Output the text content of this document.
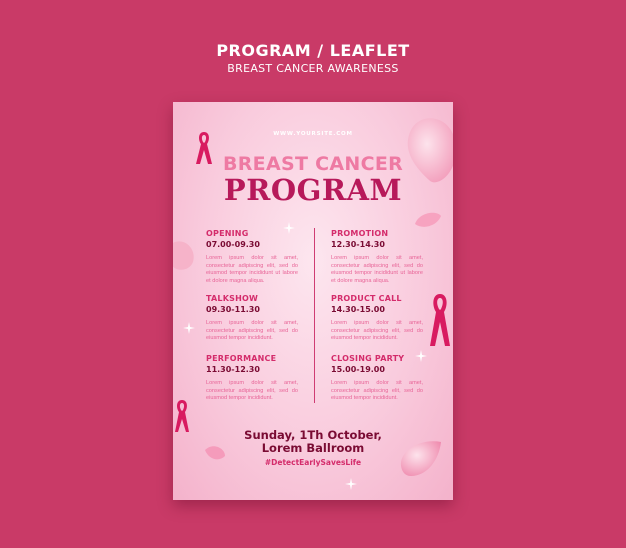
PROGRAM / LEAFLET
BREAST CANCER AWARENESS
WWW.YOURSITE.COM
BREAST CANCER
PROGRAM
OPENING
07.00-09.30
Lorem ipsum dolor sit amet, consectetur adipiscing elit, sed do eiusmod tempor incididunt ut labore et dolore magna aliqua.
TALKSHOW
09.30-11.30
Lorem ipsum dolor sit amet, consectetur adipiscing elit, sed do eiusmod tempor incididunt.
PERFORMANCE
11.30-12.30
Lorem ipsum dolor sit amet, consectetur adipiscing elit, sed do eiusmod tempor incididunt.
PROMOTION
12.30-14.30
Lorem ipsum dolor sit amet, consectetur adipiscing elit, sed do eiusmod tempor incididunt ut labore et dolore magna aliqua.
PRODUCT CALL
14.30-15.00
Lorem ipsum dolor sit amet, consectetur adipiscing elit, sed do eiusmod tempor incididunt.
CLOSING PARTY
15.00-19.00
Lorem ipsum dolor sit amet, consectetur adipiscing elit, sed do eiusmod tempor incididunt.
Sunday, 1Th October,
Lorem Ballroom
#DetectEarlySavesLife
